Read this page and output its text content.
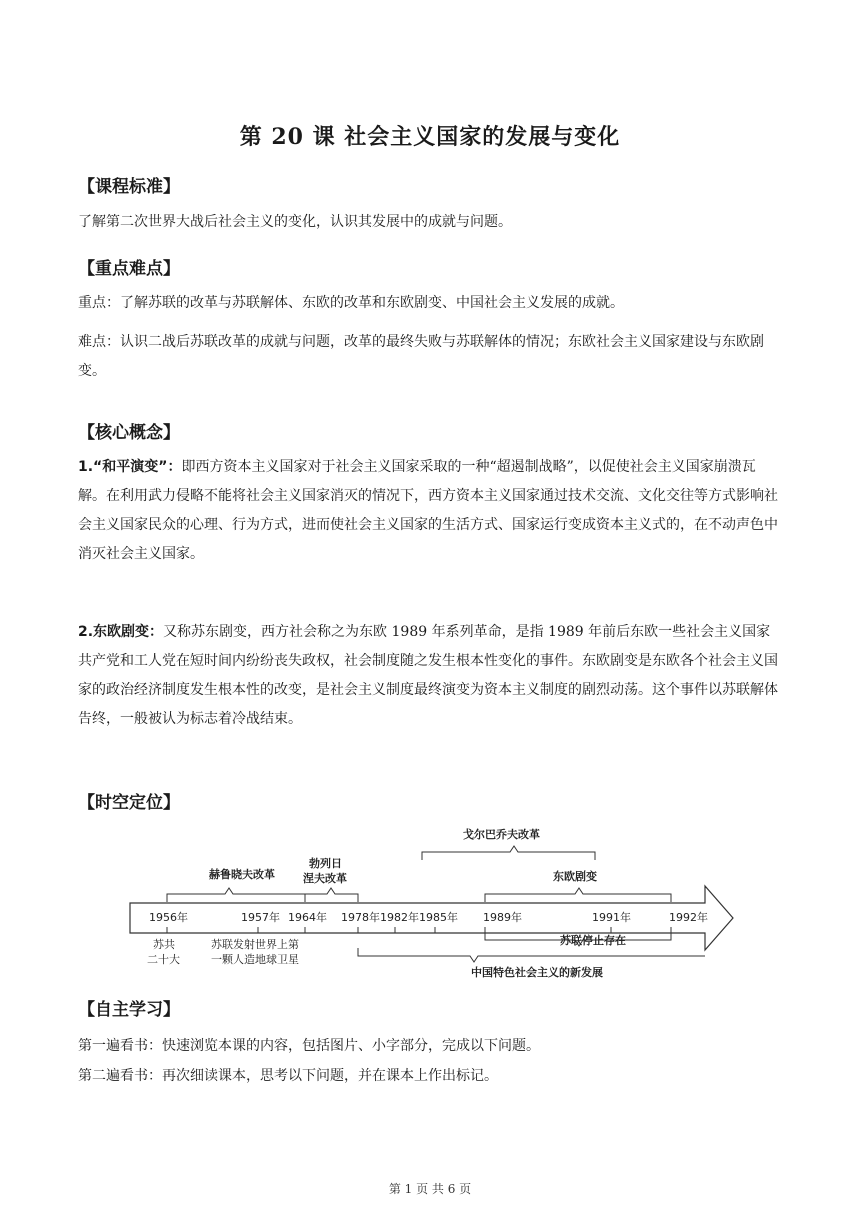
第 20 课 社会主义国家的发展与变化
【课程标准】

了解第二次世界大战后社会主义的变化，认识其发展中的成就与问题。

【重点难点】

重点：了解苏联的改革与苏联解体、东欧的改革和东欧剧变、中国社会主义发展的成就。

难点：认识二战后苏联改革的成就与问题，改革的最终失败与苏联解体的情况；东欧社会主义国家建设与东欧剧变。

【核心概念】

1.“和平演变”：即西方资本主义国家对于社会主义国家采取的一种“超遏制战略”，以促使社会主义国家崩溃瓦解。在利用武力侵略不能将社会主义国家消灭的情况下，西方资本主义国家通过技术交流、文化交往等方式影响社会主义国家民众的心理、行为方式，进而使社会主义国家的生活方式、国家运行变成资本主义式的，在不动声色中消灭社会主义国家。

2.东欧剧变：又称苏东剧变，西方社会称之为东欧 1989 年系列革命，是指 1989 年前后东欧一些社会主义国家共产党和工人党在短时间内纷纷丧失政权，社会制度随之发生根本性变化的事件。东欧剧变是东欧各个社会主义国家的政治经济制度发生根本性的改变，是社会主义制度最终演变为资本主义制度的剧烈动荡。这个事件以苏联解体告终，一般被认为标志着冷战结束。

【时空定位】
1956年	1957年 1964年 1978年 1982年 1985年 1989年	1991年	1992年
赫鲁晓夫改革
勃列日
涅夫改革
戈尔巴乔夫改革
东欧剧变
苏共
二十大
苏联发射世界上第
一颗人造地球卫星
苏联停止存在
中国特色社会主义的新发展
【自主学习】

第一遍看书：快速浏览本课的内容，包括图片、小字部分，完成以下问题。

第二遍看书：再次细读课本，思考以下问题，并在课本上作出标记。

第 1 页 共 6 页
